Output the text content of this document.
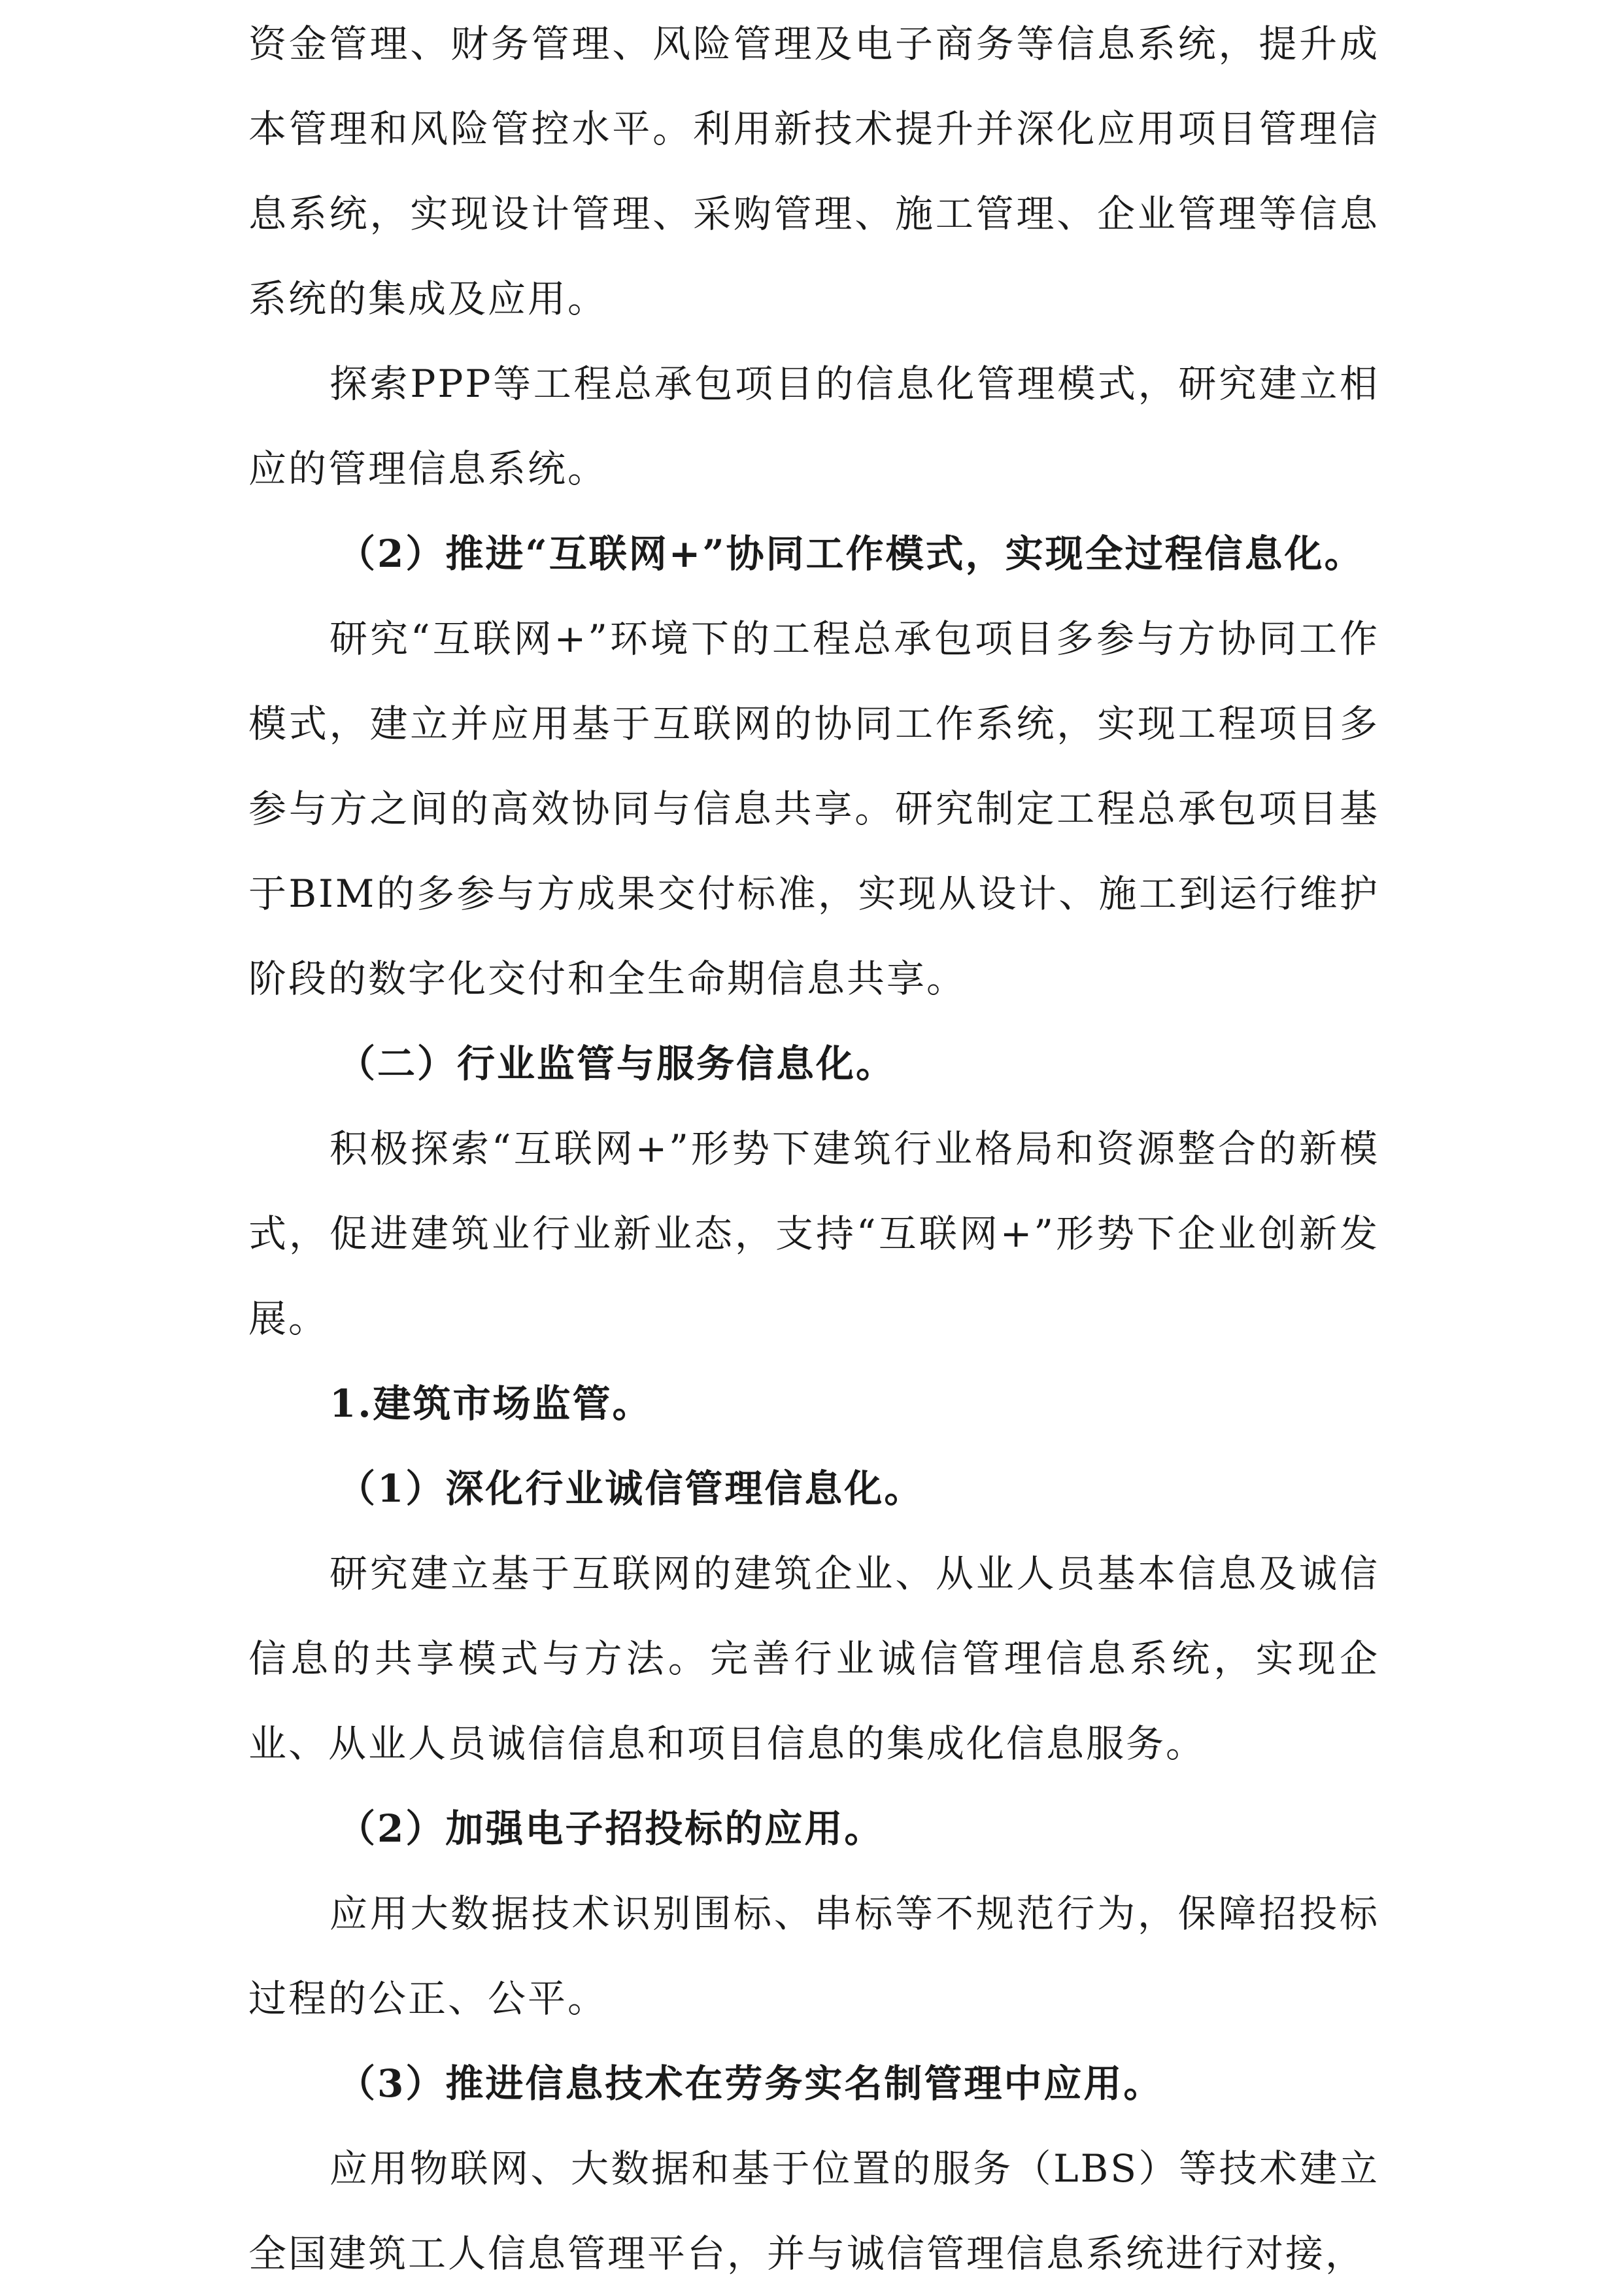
资金管理、财务管理、风险管理及电子商务等信息系统，提升成本管理和风险管控水平。利用新技术提升并深化应用项目管理信息系统，实现设计管理、采购管理、施工管理、企业管理等信息系统的集成及应用。

探索PPP等工程总承包项目的信息化管理模式，研究建立相应的管理信息系统。

（2）推进“互联网+”协同工作模式，实现全过程信息化。

研究“互联网+”环境下的工程总承包项目多参与方协同工作模式，建立并应用基于互联网的协同工作系统，实现工程项目多参与方之间的高效协同与信息共享。研究制定工程总承包项目基于BIM的多参与方成果交付标准，实现从设计、施工到运行维护阶段的数字化交付和全生命期信息共享。

（二）行业监管与服务信息化。

积极探索“互联网+”形势下建筑行业格局和资源整合的新模式，促进建筑业行业新业态，支持“互联网+”形势下企业创新发展。

1.建筑市场监管。

（1）深化行业诚信管理信息化。

研究建立基于互联网的建筑企业、从业人员基本信息及诚信信息的共享模式与方法。完善行业诚信管理信息系统，实现企业、从业人员诚信信息和项目信息的集成化信息服务。

（2）加强电子招投标的应用。

应用大数据技术识别围标、串标等不规范行为，保障招投标过程的公正、公平。

（3）推进信息技术在劳务实名制管理中应用。

应用物联网、大数据和基于位置的服务（LBS）等技术建立全国建筑工人信息管理平台，并与诚信管理信息系统进行对接，
